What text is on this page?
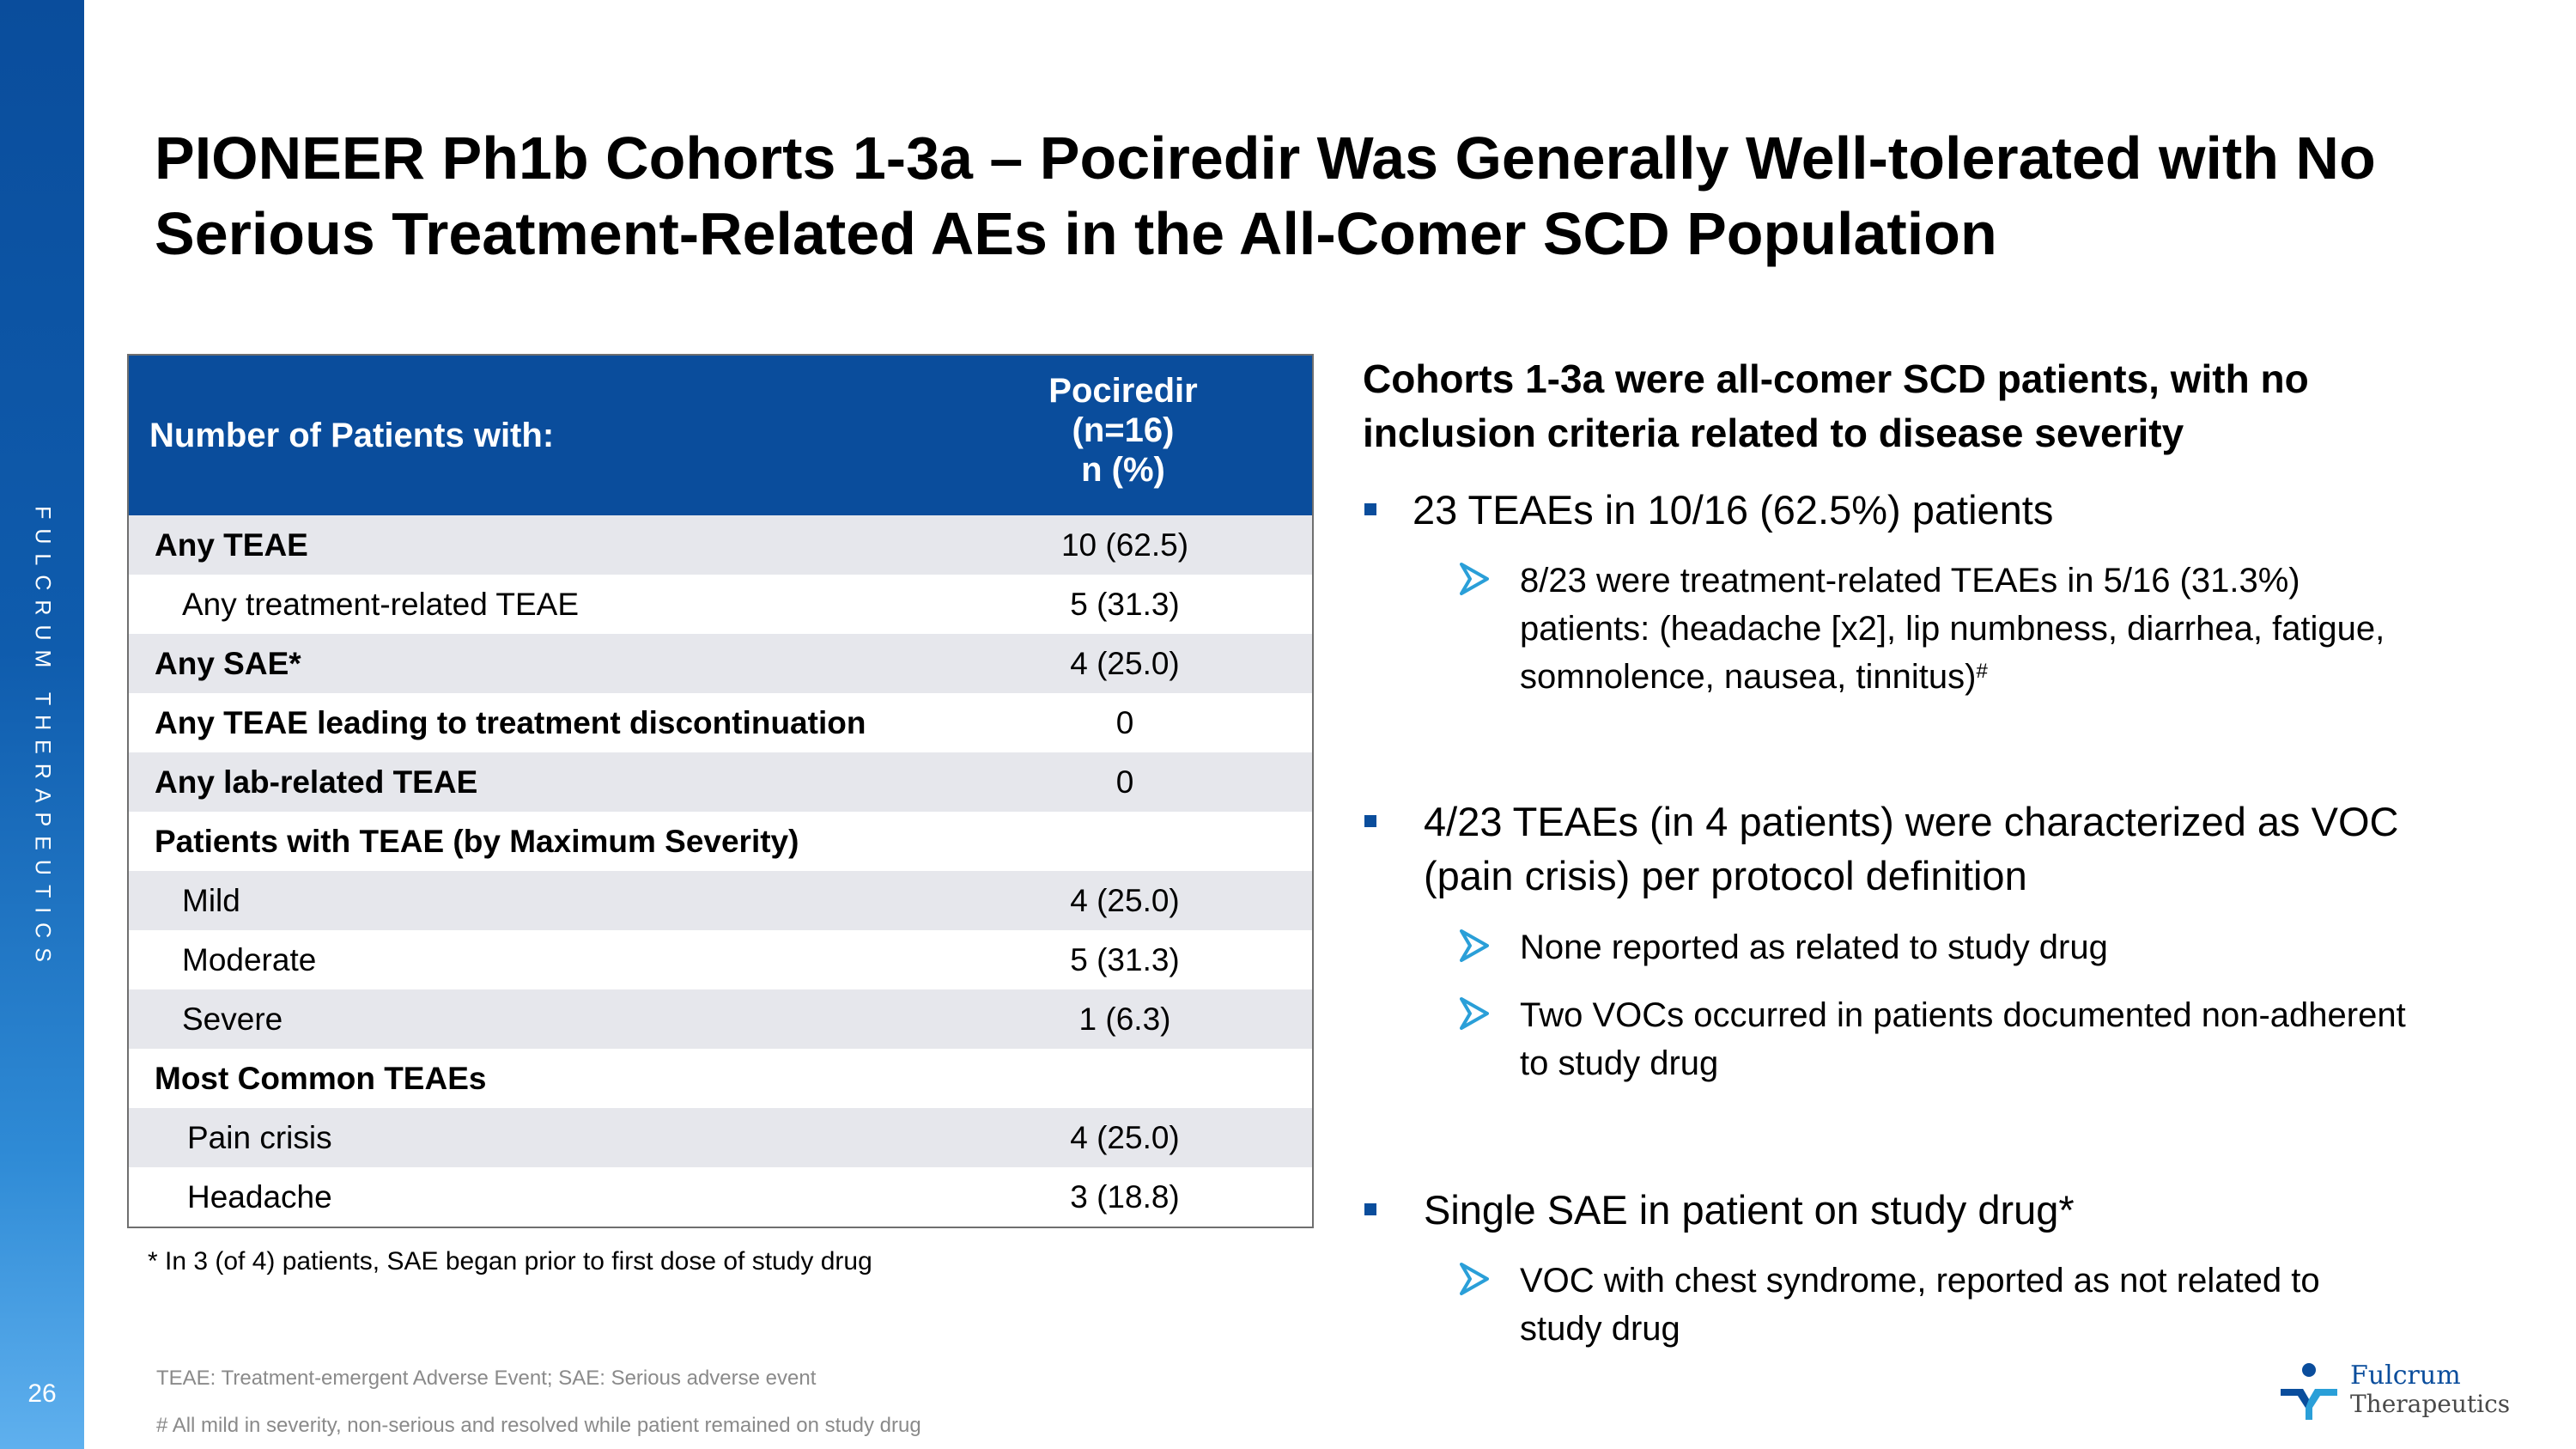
FULCRUM THERAPEUTICS
26
PIONEER Ph1b Cohorts 1-3a – Pociredir Was Generally Well-tolerated with No
Serious Treatment-Related AEs in the All-Comer SCD Population
Number of Patients with:
Pociredir
(n=16)
n (%)
Any TEAE	10 (62.5)
Any treatment-related TEAE	5 (31.3)
Any SAE*	4 (25.0)
Any TEAE leading to treatment discontinuation	0
Any lab-related TEAE	0
Patients with TEAE (by Maximum Severity)
Mild	4 (25.0)
Moderate	5 (31.3)
Severe	1 (6.3)
Most Common TEAEs
Pain crisis	4 (25.0)
Headache	3 (18.8)
* In 3 (of 4) patients, SAE began prior to first dose of study drug
TEAE: Treatment-emergent Adverse Event; SAE: Serious adverse event
# All mild in severity, non-serious and resolved while patient remained on study drug
Cohorts 1-3a were all-comer SCD patients, with no
inclusion criteria related to disease severity
23 TEAEs in 10/16 (62.5%) patients
8/23 were treatment-related TEAEs in 5/16 (31.3%)
patients: (headache [x2], lip numbness, diarrhea, fatigue,
somnolence, nausea, tinnitus)#
4/23 TEAEs (in 4 patients) were characterized as VOC
(pain crisis) per protocol definition
None reported as related to study drug
Two VOCs occurred in patients documented non-adherent
to study drug
Single SAE in patient on study drug*
VOC with chest syndrome, reported as not related to
study drug
Fulcrum
Therapeutics
